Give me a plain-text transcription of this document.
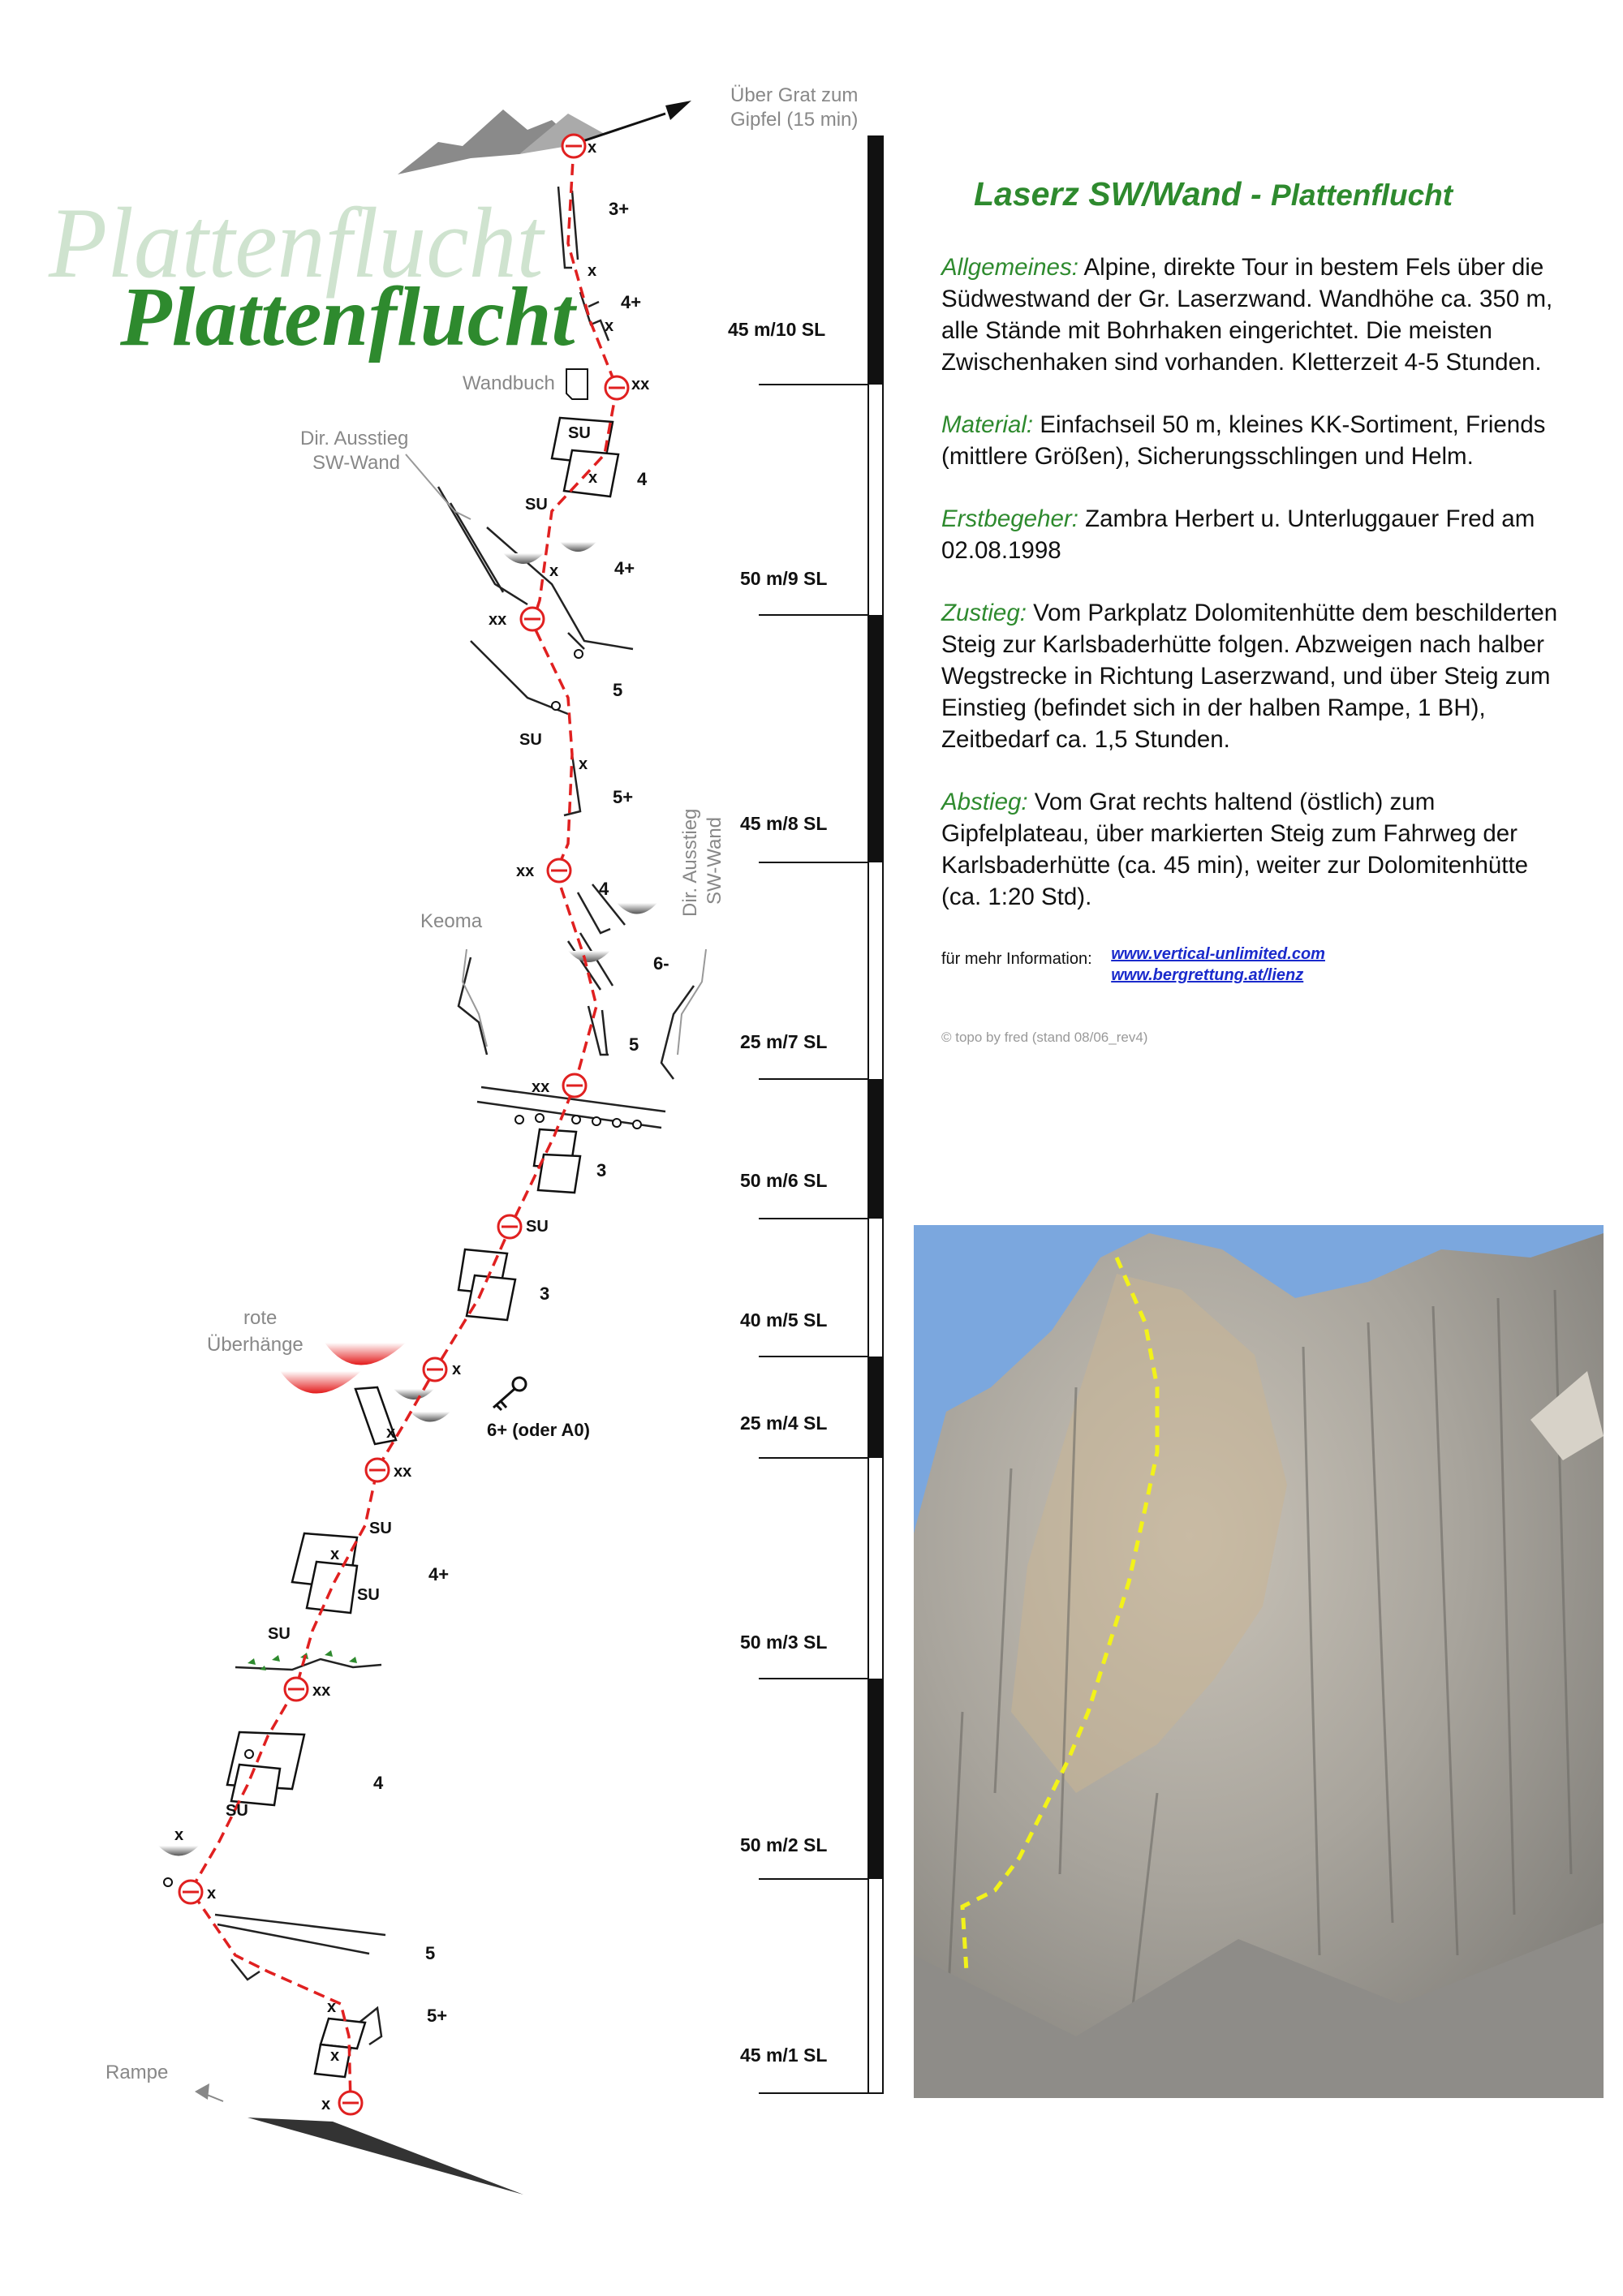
Plattenflucht
Plattenflucht
Über Grat zum
Gipfel (15 min)
45 m/10 SL
50 m/9 SL
45 m/8 SL
25 m/7 SL
50 m/6 SL
40 m/5 SL
25 m/4 SL
50 m/3 SL
50 m/2 SL
45 m/1 SL
3+
4+
4
4+
5
5+
4
6-
5
3
3
4+
4
5
5+
x
x
x
xx
SU
x
SU
x
xx
SU
x
xx
xx
SU
x
x
xx
SU
x
SU
SU
xx
SU
x
x
x
x
x
Wandbuch
Dir. Ausstieg
SW-Wand
Keoma
Dir. Ausstieg SW-Wand
rote
Überhänge
Rampe
6+ (oder A0)
Laserz SW/Wand - Plattenflucht

Allgemeines: Alpine, direkte Tour in bestem Fels über die Südwestwand der Gr. Laserzwand. Wandhöhe ca. 350 m, alle Stände mit Bohrhaken eingerichtet. Die meisten Zwischenhaken sind vorhanden. Kletterzeit 4-5 Stunden.

Material: Einfachseil 50 m, kleines KK-Sortiment, Friends (mittlere Größen), Sicherungsschlingen und Helm.

Erstbegeher: Zambra Herbert u. Unterluggauer Fred am 02.08.1998

Zustieg: Vom Parkplatz Dolomitenhütte dem beschilderten Steig zur Karlsbaderhütte folgen. Abzweigen nach halber Wegstrecke in Richtung Laserzwand, und über Steig zum Einstieg (befindet sich in der halben Rampe, 1 BH), Zeitbedarf ca. 1,5 Stunden.

Abstieg: Vom Grat rechts haltend (östlich) zum Gipfelplateau, über markierten Steig zum Fahrweg der Karlsbaderhütte (ca. 45 min), weiter zur Dolomitenhütte (ca. 1:20 Std).

für mehr Information: www.vertical-unlimited.com
www.bergrettung.at/lienz
© topo by fred (stand 08/06_rev4)
